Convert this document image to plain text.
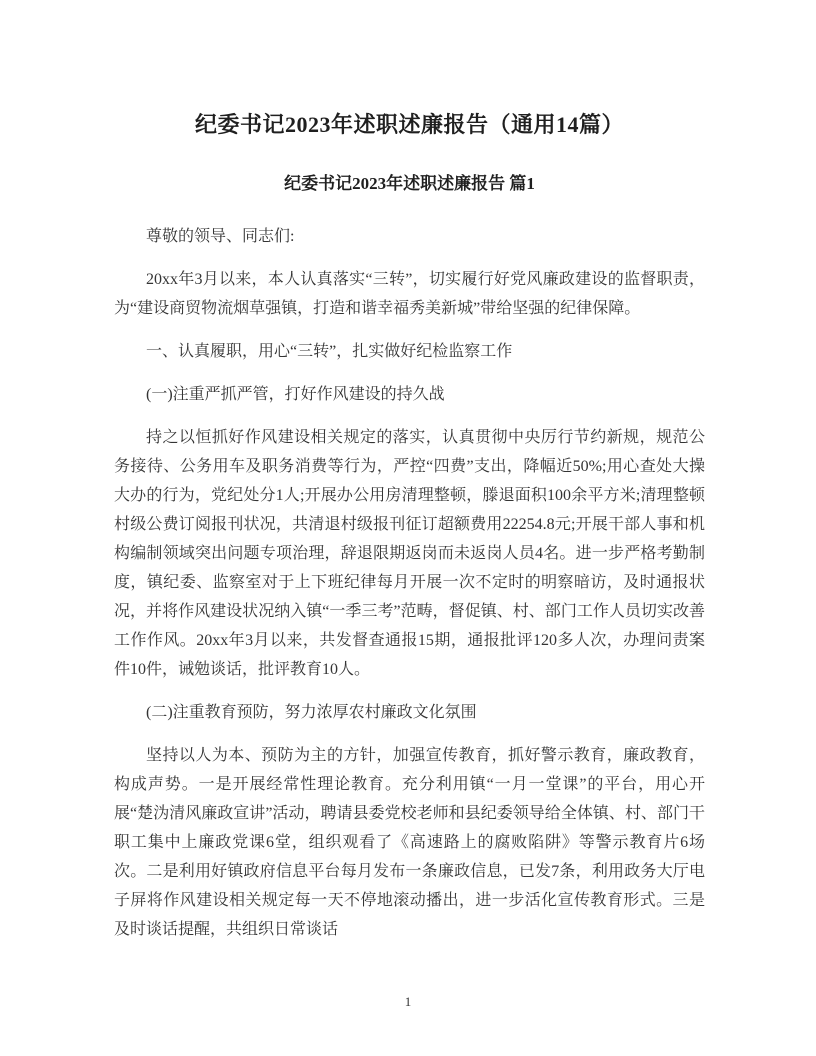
纪委书记2023年述职述廉报告（通用14篇）
纪委书记2023年述职述廉报告 篇1

尊敬的领导、同志们:

20xx年3月以来，本人认真落实“三转”，切实履行好党风廉政建设的监督职责，为“建设商贸物流烟草强镇，打造和谐幸福秀美新城”带给坚强的纪律保障。

一、认真履职，用心“三转”，扎实做好纪检监察工作

(一)注重严抓严管，打好作风建设的持久战

持之以恒抓好作风建设相关规定的落实，认真贯彻中央厉行节约新规，规范公务接待、公务用车及职务消费等行为，严控“四费”支出，降幅近50%;用心查处大操大办的行为，党纪处分1人;开展办公用房清理整顿，滕退面积100余平方米;清理整顿村级公费订阅报刊状况，共清退村级报刊征订超额费用22254.8元;开展干部人事和机构编制领域突出问题专项治理，辞退限期返岗而未返岗人员4名。进一步严格考勤制度，镇纪委、监察室对于上下班纪律每月开展一次不定时的明察暗访，及时通报状况，并将作风建设状况纳入镇“一季三考”范畴，督促镇、村、部门工作人员切实改善工作作风。20xx年3月以来，共发督查通报15期，通报批评120多人次，办理问责案件10件，诫勉谈话，批评教育10人。

(二)注重教育预防，努力浓厚农村廉政文化氛围

坚持以人为本、预防为主的方针，加强宣传教育，抓好警示教育，廉政教育，构成声势。一是开展经常性理论教育。充分利用镇“一月一堂课”的平台，用心开展“楚沩清风廉政宣讲”活动，聘请县委党校老师和县纪委领导给全体镇、村、部门干职工集中上廉政党课6堂，组织观看了《高速路上的腐败陷阱》等警示教育片6场次。二是利用好镇政府信息平台每月发布一条廉政信息，已发7条，利用政务大厅电子屏将作风建设相关规定每一天不停地滚动播出，进一步活化宣传教育形式。三是及时谈话提醒，共组织日常谈话

1
